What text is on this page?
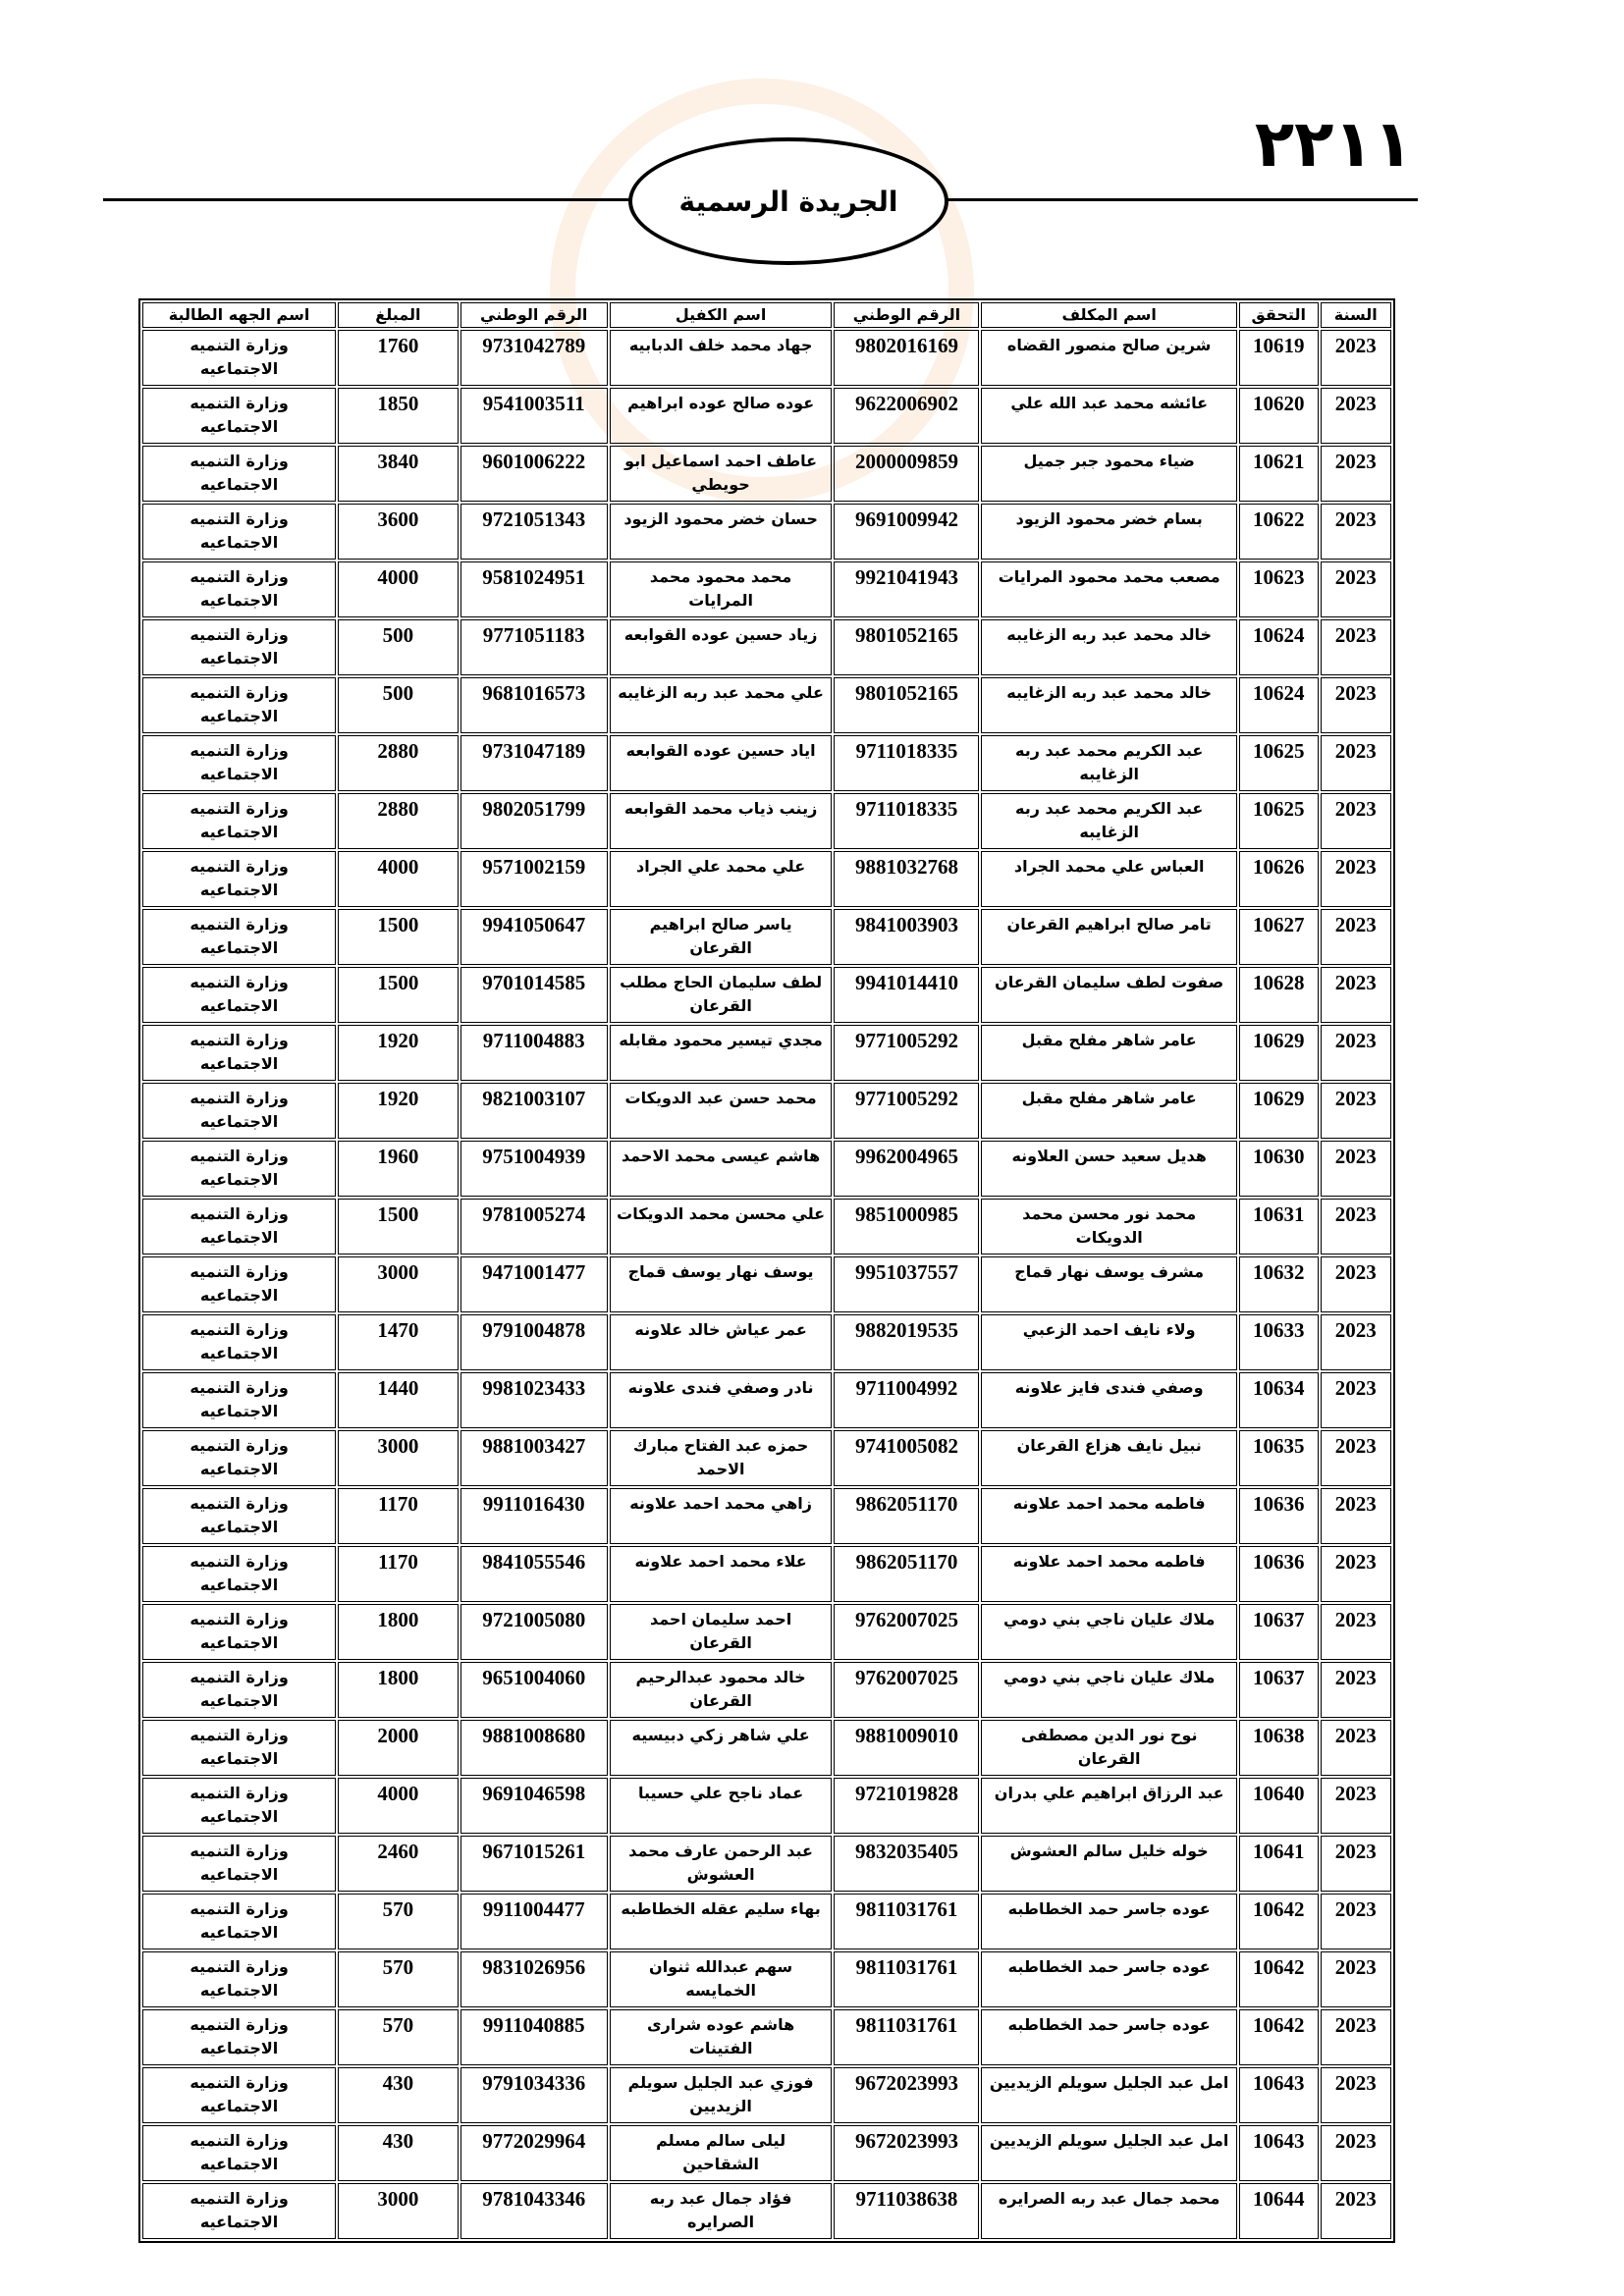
٢٢١١
الجريدة الرسمية
السنة	التحقق	اسم المكلف	الرقم الوطني	اسم الكفيل	الرقم الوطني	المبلغ	اسم الجهه الطالبة
2023	10619	شرين صالح منصور القضاه	9802016169	جهاد محمد خلف الدبابيه	9731042789	1760	وزارة التنميه الاجتماعيه
2023	10620	عائشه محمد عبد الله علي	9622006902	عوده صالح عوده ابراهيم	9541003511	1850	وزارة التنميه الاجتماعيه
2023	10621	ضياء محمود جبر جميل	2000009859	عاطف احمد اسماعيل ابو حويطي	9601006222	3840	وزارة التنميه الاجتماعيه
2023	10622	بسام خضر محمود الزيود	9691009942	حسان خضر محمود الزيود	9721051343	3600	وزارة التنميه الاجتماعيه
2023	10623	مصعب محمد محمود المرايات	9921041943	محمد محمود محمد المرايات	9581024951	4000	وزارة التنميه الاجتماعيه
2023	10624	خالد محمد عبد ربه الزغايبه	9801052165	زياد حسين عوده القوابعه	9771051183	500	وزارة التنميه الاجتماعيه
2023	10624	خالد محمد عبد ربه الزغايبه	9801052165	علي محمد عبد ربه الزغايبه	9681016573	500	وزارة التنميه الاجتماعيه
2023	10625	عبد الكريم محمد عبد ربه الزغايبه	9711018335	اياد حسين عوده القوابعه	9731047189	2880	وزارة التنميه الاجتماعيه
2023	10625	عبد الكريم محمد عبد ربه الزغايبه	9711018335	زينب ذياب محمد القوابعه	9802051799	2880	وزارة التنميه الاجتماعيه
2023	10626	العباس علي محمد الجراد	9881032768	علي محمد علي الجراد	9571002159	4000	وزارة التنميه الاجتماعيه
2023	10627	تامر صالح ابراهيم القرعان	9841003903	ياسر صالح ابراهيم القرعان	9941050647	1500	وزارة التنميه الاجتماعيه
2023	10628	صفوت لطف سليمان القرعان	9941014410	لطف سليمان الحاج مطلب القرعان	9701014585	1500	وزارة التنميه الاجتماعيه
2023	10629	عامر شاهر مفلح مقبل	9771005292	مجدي تيسير محمود مقابله	9711004883	1920	وزارة التنميه الاجتماعيه
2023	10629	عامر شاهر مفلح مقبل	9771005292	محمد حسن عبد الدويكات	9821003107	1920	وزارة التنميه الاجتماعيه
2023	10630	هديل سعيد حسن العلاونه	9962004965	هاشم عيسى محمد الاحمد	9751004939	1960	وزارة التنميه الاجتماعيه
2023	10631	محمد نور محسن محمد الدويكات	9851000985	علي محسن محمد الدويكات	9781005274	1500	وزارة التنميه الاجتماعيه
2023	10632	مشرف يوسف نهار قماج	9951037557	يوسف نهار يوسف قماج	9471001477	3000	وزارة التنميه الاجتماعيه
2023	10633	ولاء نايف احمد الزعبي	9882019535	عمر عياش خالد علاونه	9791004878	1470	وزارة التنميه الاجتماعيه
2023	10634	وصفي فندى فايز علاونه	9711004992	نادر وصفي فندى علاونه	9981023433	1440	وزارة التنميه الاجتماعيه
2023	10635	نبيل نايف هزاع القرعان	9741005082	حمزه عبد الفتاح مبارك الاحمد	9881003427	3000	وزارة التنميه الاجتماعيه
2023	10636	فاطمه محمد احمد علاونه	9862051170	زاهي محمد احمد علاونه	9911016430	1170	وزارة التنميه الاجتماعيه
2023	10636	فاطمه محمد احمد علاونه	9862051170	علاء محمد احمد علاونه	9841055546	1170	وزارة التنميه الاجتماعيه
2023	10637	ملاك عليان ناجي بني دومي	9762007025	احمد سليمان احمد القرعان	9721005080	1800	وزارة التنميه الاجتماعيه
2023	10637	ملاك عليان ناجي بني دومي	9762007025	خالد محمود عبدالرحيم القرعان	9651004060	1800	وزارة التنميه الاجتماعيه
2023	10638	نوح نور الدين مصطفى القرعان	9881009010	علي شاهر زكي دبيسيه	9881008680	2000	وزارة التنميه الاجتماعيه
2023	10640	عبد الرزاق ابراهيم علي بدران	9721019828	عماد ناجح علي حسيبا	9691046598	4000	وزارة التنميه الاجتماعيه
2023	10641	خوله خليل سالم العشوش	9832035405	عبد الرحمن عارف محمد العشوش	9671015261	2460	وزارة التنميه الاجتماعيه
2023	10642	عوده جاسر حمد الخطاطبه	9811031761	بهاء سليم عقله الخطاطبه	9911004477	570	وزارة التنميه الاجتماعيه
2023	10642	عوده جاسر حمد الخطاطبه	9811031761	سهم عبدالله ثنوان الخمايسه	9831026956	570	وزارة التنميه الاجتماعيه
2023	10642	عوده جاسر حمد الخطاطبه	9811031761	هاشم عوده شرارى الفتينات	9911040885	570	وزارة التنميه الاجتماعيه
2023	10643	امل عبد الجليل سويلم الزيديين	9672023993	فوزي عبد الجليل سويلم الزيديين	9791034336	430	وزارة التنميه الاجتماعيه
2023	10643	امل عبد الجليل سويلم الزيديين	9672023993	ليلى سالم مسلم الشقاحين	9772029964	430	وزارة التنميه الاجتماعيه
2023	10644	محمد جمال عبد ربه الصرايره	9711038638	فؤاد جمال عبد ربه الصرايره	9781043346	3000	وزارة التنميه الاجتماعيه
